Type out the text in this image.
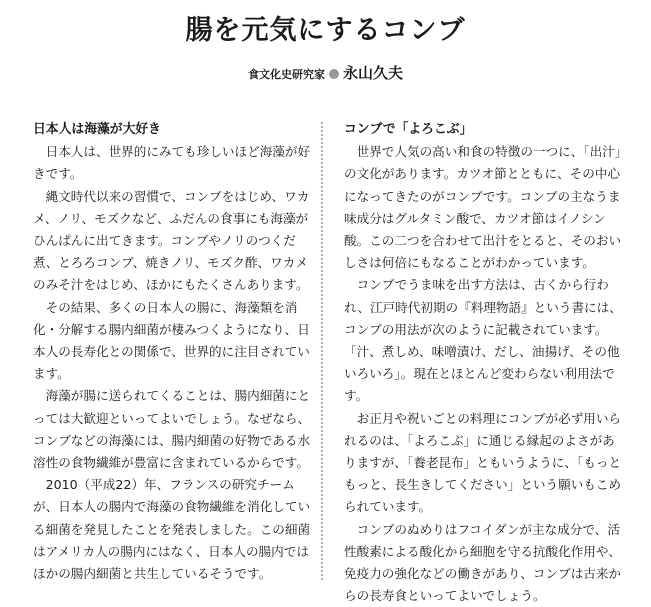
腸を元気にするコンブ
食文化史研究家 永山久夫
日本人は海藻が大好き

日本人は、世界的にみても珍しいほど海藻が好きです。

縄文時代以来の習慣で、コンブをはじめ、ワカメ、ノリ、モズクなど、ふだんの食事にも海藻がひんぱんに出てきます。コンブやノリのつくだ煮、とろろコンブ、焼きノリ、モズク酢、ワカメのみそ汁をはじめ、ほかにもたくさんあります。

その結果、多くの日本人の腸に、海藻類を消化・分解する腸内細菌が棲みつくようになり、日本人の長寿化との関係で、世界的に注目されています。

海藻が腸に送られてくることは、腸内細菌にとっては大歓迎といってよいでしょう。なぜなら、コンブなどの海藻には、腸内細菌の好物である水溶性の食物繊維が豊富に含まれているからです。

2010（平成22）年、フランスの研究チームが、日本人の腸内で海藻の食物繊維を消化している細菌を発見したことを発表しました。この細菌はアメリカ人の腸内にはなく、日本人の腸内ではほかの腸内細菌と共生しているそうです。

コンブで「よろこぶ」

世界で人気の高い和食の特徴の一つに、「出汁」の文化があります。カツオ節とともに、その中心になってきたのがコンブです。コンブの主なうま味成分はグルタミン酸で、カツオ節はイノシン酸。この二つを合わせて出汁をとると、そのおいしさは何倍にもなることがわかっています。

コンブでうま味を出す方法は、古くから行われ、江戸時代初期の『料理物語』という書には、コンブの用法が次のように記載されています。「汁、煮しめ、味噌漬け、だし、油揚げ、その他いろいろ」。現在とほとんど変わらない利用法です。

お正月や祝いごとの料理にコンブが必ず用いられるのは、「よろこぶ」に通じる縁起のよさがありますが、「養老昆布」ともいうように、「もっともっと、長生きしてください」という願いもこめられています。

コンブのぬめりはフコイダンが主な成分で、活性酸素による酸化から細胞を守る抗酸化作用や、免疫力の強化などの働きがあり、コンブは古来からの長寿食といってよいでしょう。
